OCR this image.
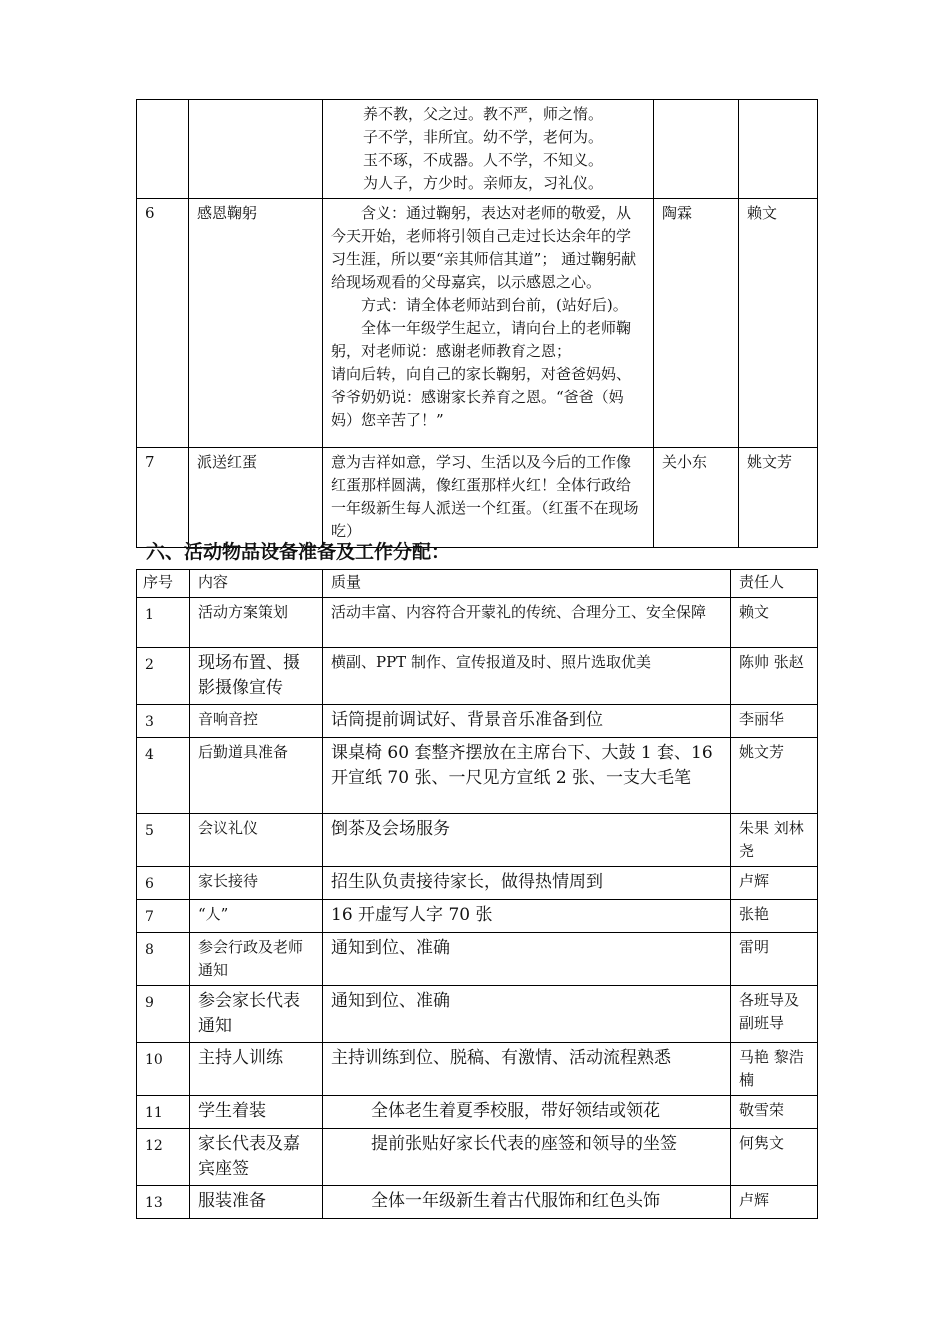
		养不教，父之过。教不严，师之惰。
子不学，非所宜。幼不学，老何为。
玉不琢，不成器。人不学，不知义。
为人子，方少时。亲师友，习礼仪。		

6	感恩鞠躬	含义：通过鞠躬，表达对老师的敬爱，从今天开始，老师将引领自己走过长达余年的学习生涯，所以要“亲其师信其道”； 通过鞠躬献给现场观看的父母嘉宾，以示感恩之心。
方式：请全体老师站到台前，(站好后)。
全体一年级学生起立，请向台上的老师鞠躬，对老师说：感谢老师教育之恩；
请向后转，向自己的家长鞠躬，对爸爸妈妈、爷爷奶奶说：感谢家长养育之恩。“爸爸（妈妈）您辛苦了！”	陶霖	赖文
7	派送红蛋	意为吉祥如意，学习、生活以及今后的工作像红蛋那样圆满，像红蛋那样火红！全体行政给一年级新生每人派送一个红蛋。（红蛋不在现场吃）	关小东	姚文芳
六、活动物品设备准备及工作分配：
序号	内容	质量	责任人
1	活动方案策划	活动丰富、内容符合开蒙礼的传统、合理分工、安全保障	赖文
2	现场布置、摄影摄像宣传	横副、PPT 制作、宣传报道及时、照片选取优美	陈帅 张赵
3	音响音控	话筒提前调试好、背景音乐准备到位	李丽华
4	后勤道具准备	课桌椅 60 套整齐摆放在主席台下、大鼓 1 套、16 开宣纸 70 张、一尺见方宣纸 2 张、一支大毛笔	姚文芳
5	会议礼仪	倒茶及会场服务	朱果 刘林尧
6	家长接待	招生队负责接待家长，做得热情周到	卢辉
7	“人”	16 开虚写人字 70 张	张艳
8	参会行政及老师通知	通知到位、准确	雷明
9	参会家长代表通知	通知到位、准确	各班导及副班导
10	主持人训练	主持训练到位、脱稿、有激情、活动流程熟悉	马艳 黎浩楠
11	学生着装	全体老生着夏季校服，带好领结或领花	敬雪荣
12	家长代表及嘉宾座签	提前张贴好家长代表的座签和领导的坐签	何隽文
13	服装准备	全体一年级新生着古代服饰和红色头饰	卢辉
